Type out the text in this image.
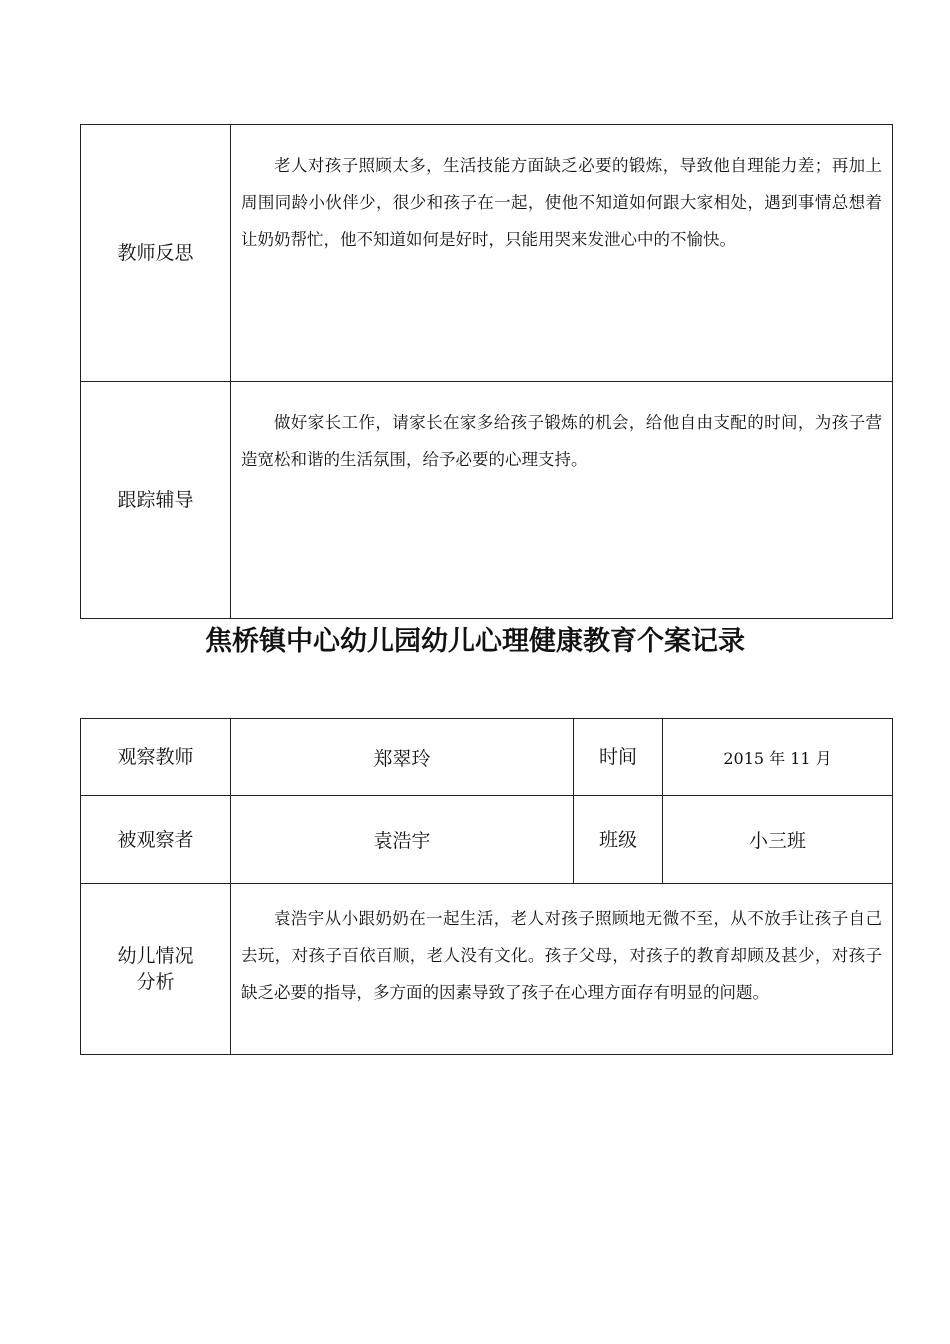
教师反思	老人对孩子照顾太多，生活技能方面缺乏必要的锻炼，导致他自理能力差；再加上周围同龄小伙伴少，很少和孩子在一起，使他不知道如何跟大家相处，遇到事情总想着让奶奶帮忙，他不知道如何是好时，只能用哭来发泄心中的不愉快。

跟踪辅导	做好家长工作，请家长在家多给孩子锻炼的机会，给他自由支配的时间，为孩子营造宽松和谐的生活氛围，给予必要的心理支持。

焦桥镇中心幼儿园幼儿心理健康教育个案记录
观察教师	郑翠玲	时间	2015 年 11 月
被观察者	袁浩宇	班级	小三班

幼儿情况
分析	袁浩宇从小跟奶奶在一起生活，老人对孩子照顾地无微不至，从不放手让孩子自己去玩，对孩子百依百顺，老人没有文化。孩子父母，对孩子的教育却顾及甚少，对孩子缺乏必要的指导，多方面的因素导致了孩子在心理方面存有明显的问题。		
